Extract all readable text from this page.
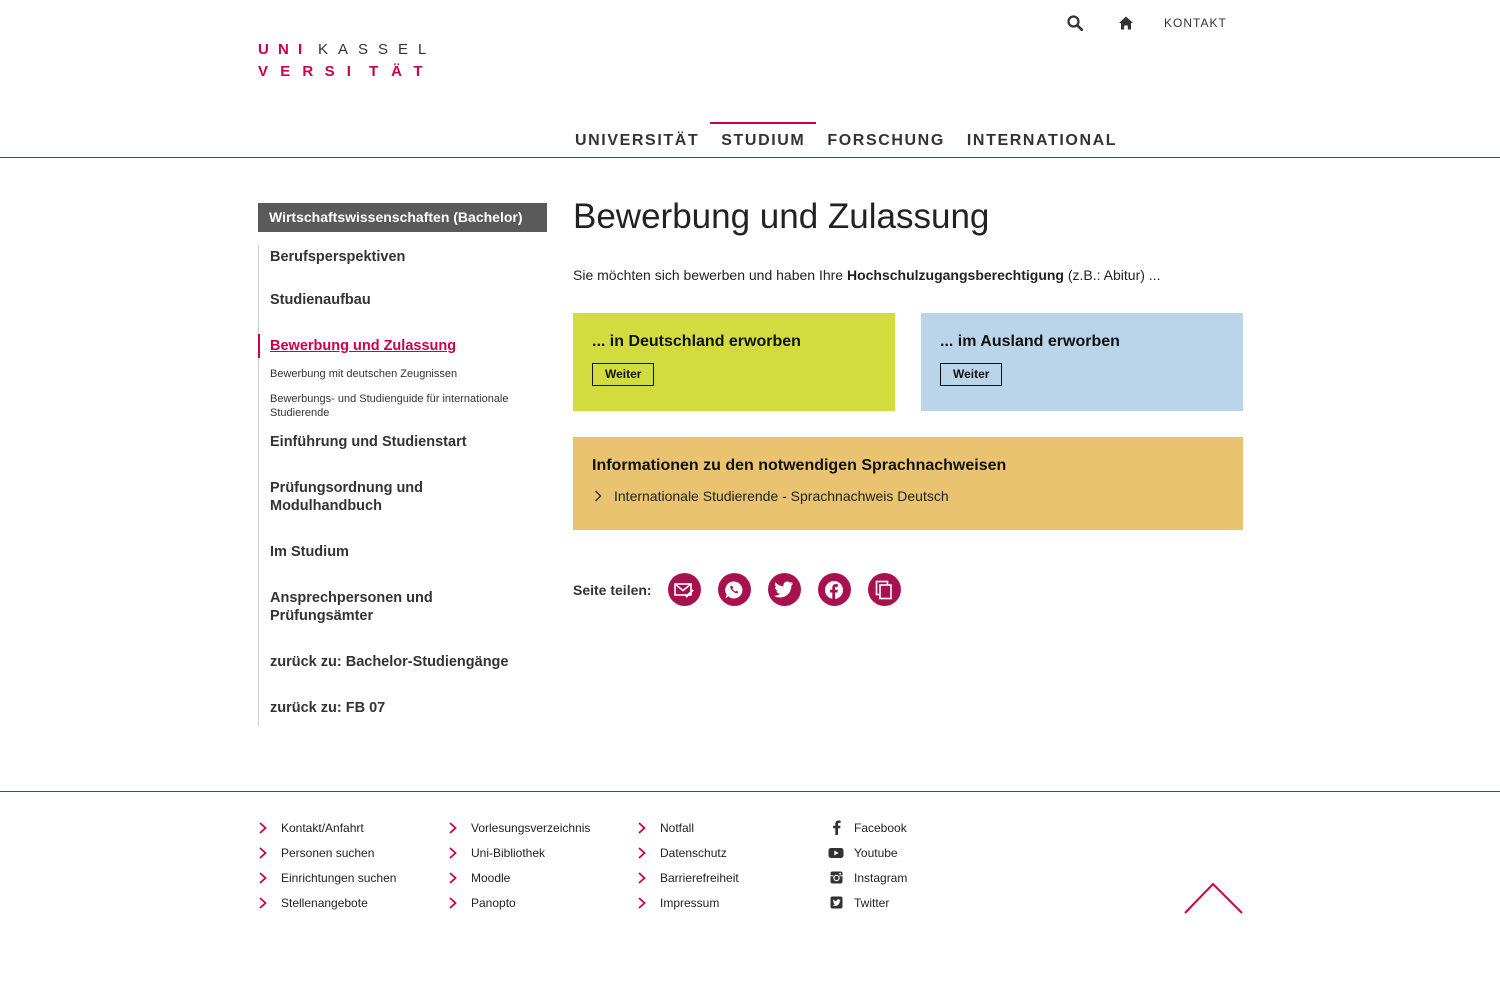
U N I	K A S S E L
V E R S I	T Ä T
KONTAKT
UNIVERSITÄT	STUDIUM	FORSCHUNG	INTERNATIONAL
Wirtschaftswissenschaften (Bachelor)
Berufsperspektiven
Studienaufbau
Bewerbung und Zulassung
Bewerbung mit deutschen Zeugnissen
Bewerbungs- und Studienguide für internationale Studierende
Einführung und Studienstart
Prüfungsordnung und Modulhandbuch
Im Studium
Ansprechpersonen und Prüfungsämter
zurück zu: Bachelor-Studiengänge
zurück zu: FB 07
Bewerbung und Zulassung

Sie möchten sich bewerben und haben Ihre Hochschulzugangsberechtigung (z.B.: Abitur) ...

... in Deutschland erworben
Weiter
... im Ausland erworben
Weiter
Informationen zu den notwendigen Sprachnachweisen
Internationale Studierende - Sprachnachweis Deutsch
Seite teilen:
Kontakt/Anfahrt
Personen suchen
Einrichtungen suchen
Stellenangebote
Vorlesungsverzeichnis
Uni-Bibliothek
Moodle
Panopto
Notfall
Datenschutz
Barrierefreiheit
Impressum
Facebook
Youtube
Instagram
Twitter
